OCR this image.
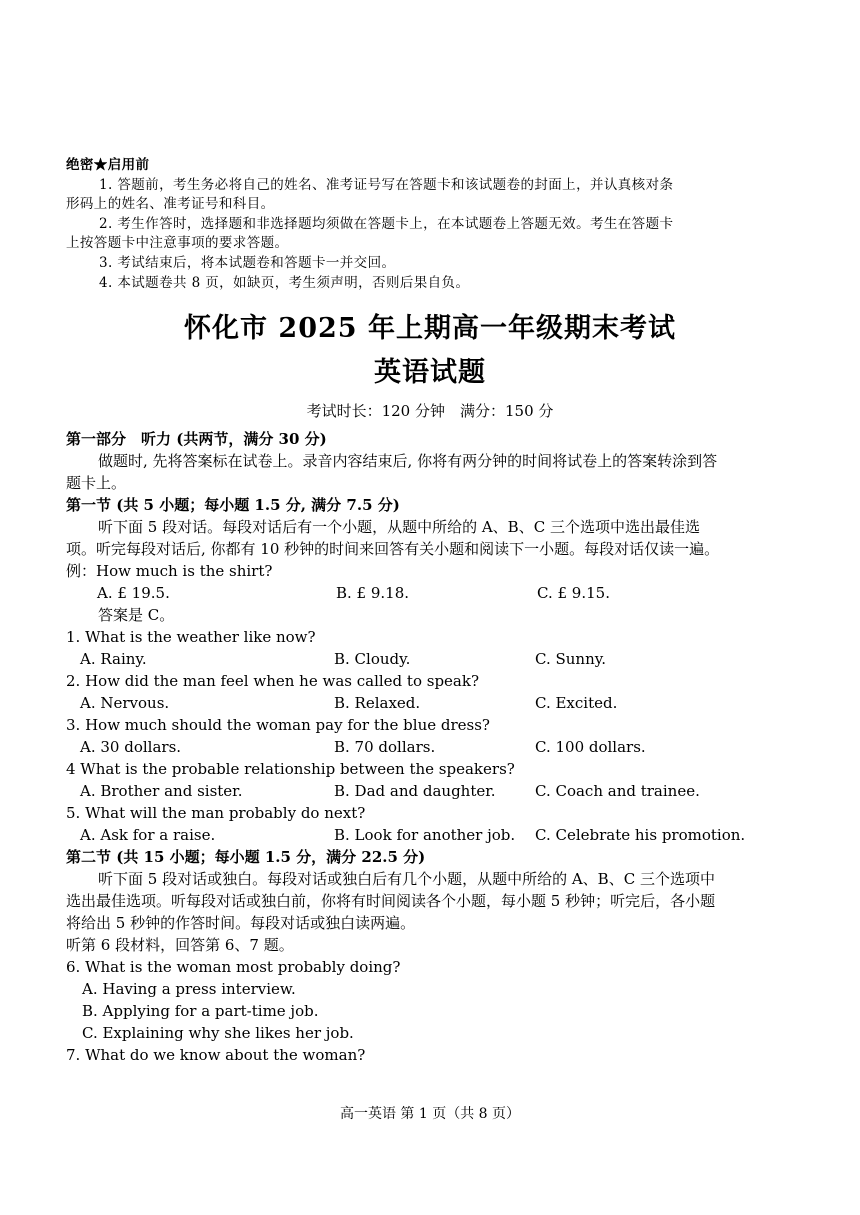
绝密★启用前
1. 答题前，考生务必将自己的姓名、准考证号写在答题卡和该试题卷的封面上，并认真核对条
形码上的姓名、准考证号和科目。
2. 考生作答时，选择题和非选择题均须做在答题卡上，在本试题卷上答题无效。考生在答题卡
上按答题卡中注意事项的要求答题。
3. 考试结束后，将本试题卷和答题卡一并交回。
4. 本试题卷共 8 页，如缺页，考生须声明，否则后果自负。
怀化市 2025 年上期高一年级期末考试
英语试题
考试时长：120 分钟　满分：150 分
第一部分　听力 (共两节，满分 30 分)
做题时, 先将答案标在试卷上。录音内容结束后, 你将有两分钟的时间将试卷上的答案转涂到答
题卡上。
第一节 (共 5 小题；每小题 1.5 分, 满分 7.5 分)
听下面 5 段对话。每段对话后有一个小题，从题中所给的 A、B、C 三个选项中选出最佳选
项。听完每段对话后, 你都有 10 秒钟的时间来回答有关小题和阅读下一小题。每段对话仅读一遍。
例：How much is the shirt?
A. £ 19.5.	B. £ 9.18.	C. £ 9.15.
答案是 C。
1. What is the weather like now?
A. Rainy.	B. Cloudy.	C. Sunny.
2. How did the man feel when he was called to speak?
A. Nervous.	B. Relaxed.	C. Excited.
3. How much should the woman pay for the blue dress?
A. 30 dollars.	B. 70 dollars.	C. 100 dollars.
4 What is the probable relationship between the speakers?
A. Brother and sister.	B. Dad and daughter.	C. Coach and trainee.
5. What will the man probably do next?
A. Ask for a raise.	B. Look for another job.	C. Celebrate his promotion.
第二节 (共 15 小题；每小题 1.5 分，满分 22.5 分)
听下面 5 段对话或独白。每段对话或独白后有几个小题，从题中所给的 A、B、C 三个选项中
选出最佳选项。听每段对话或独白前，你将有时间阅读各个小题，每小题 5 秒钟；听完后，各小题
将给出 5 秒钟的作答时间。每段对话或独白读两遍。
听第 6 段材料，回答第 6、7 题。
6. What is the woman most probably doing?
A. Having a press interview.
B. Applying for a part-time job.
C. Explaining why she likes her job.
7. What do we know about the woman?
高一英语 第 1 页（共 8 页）
